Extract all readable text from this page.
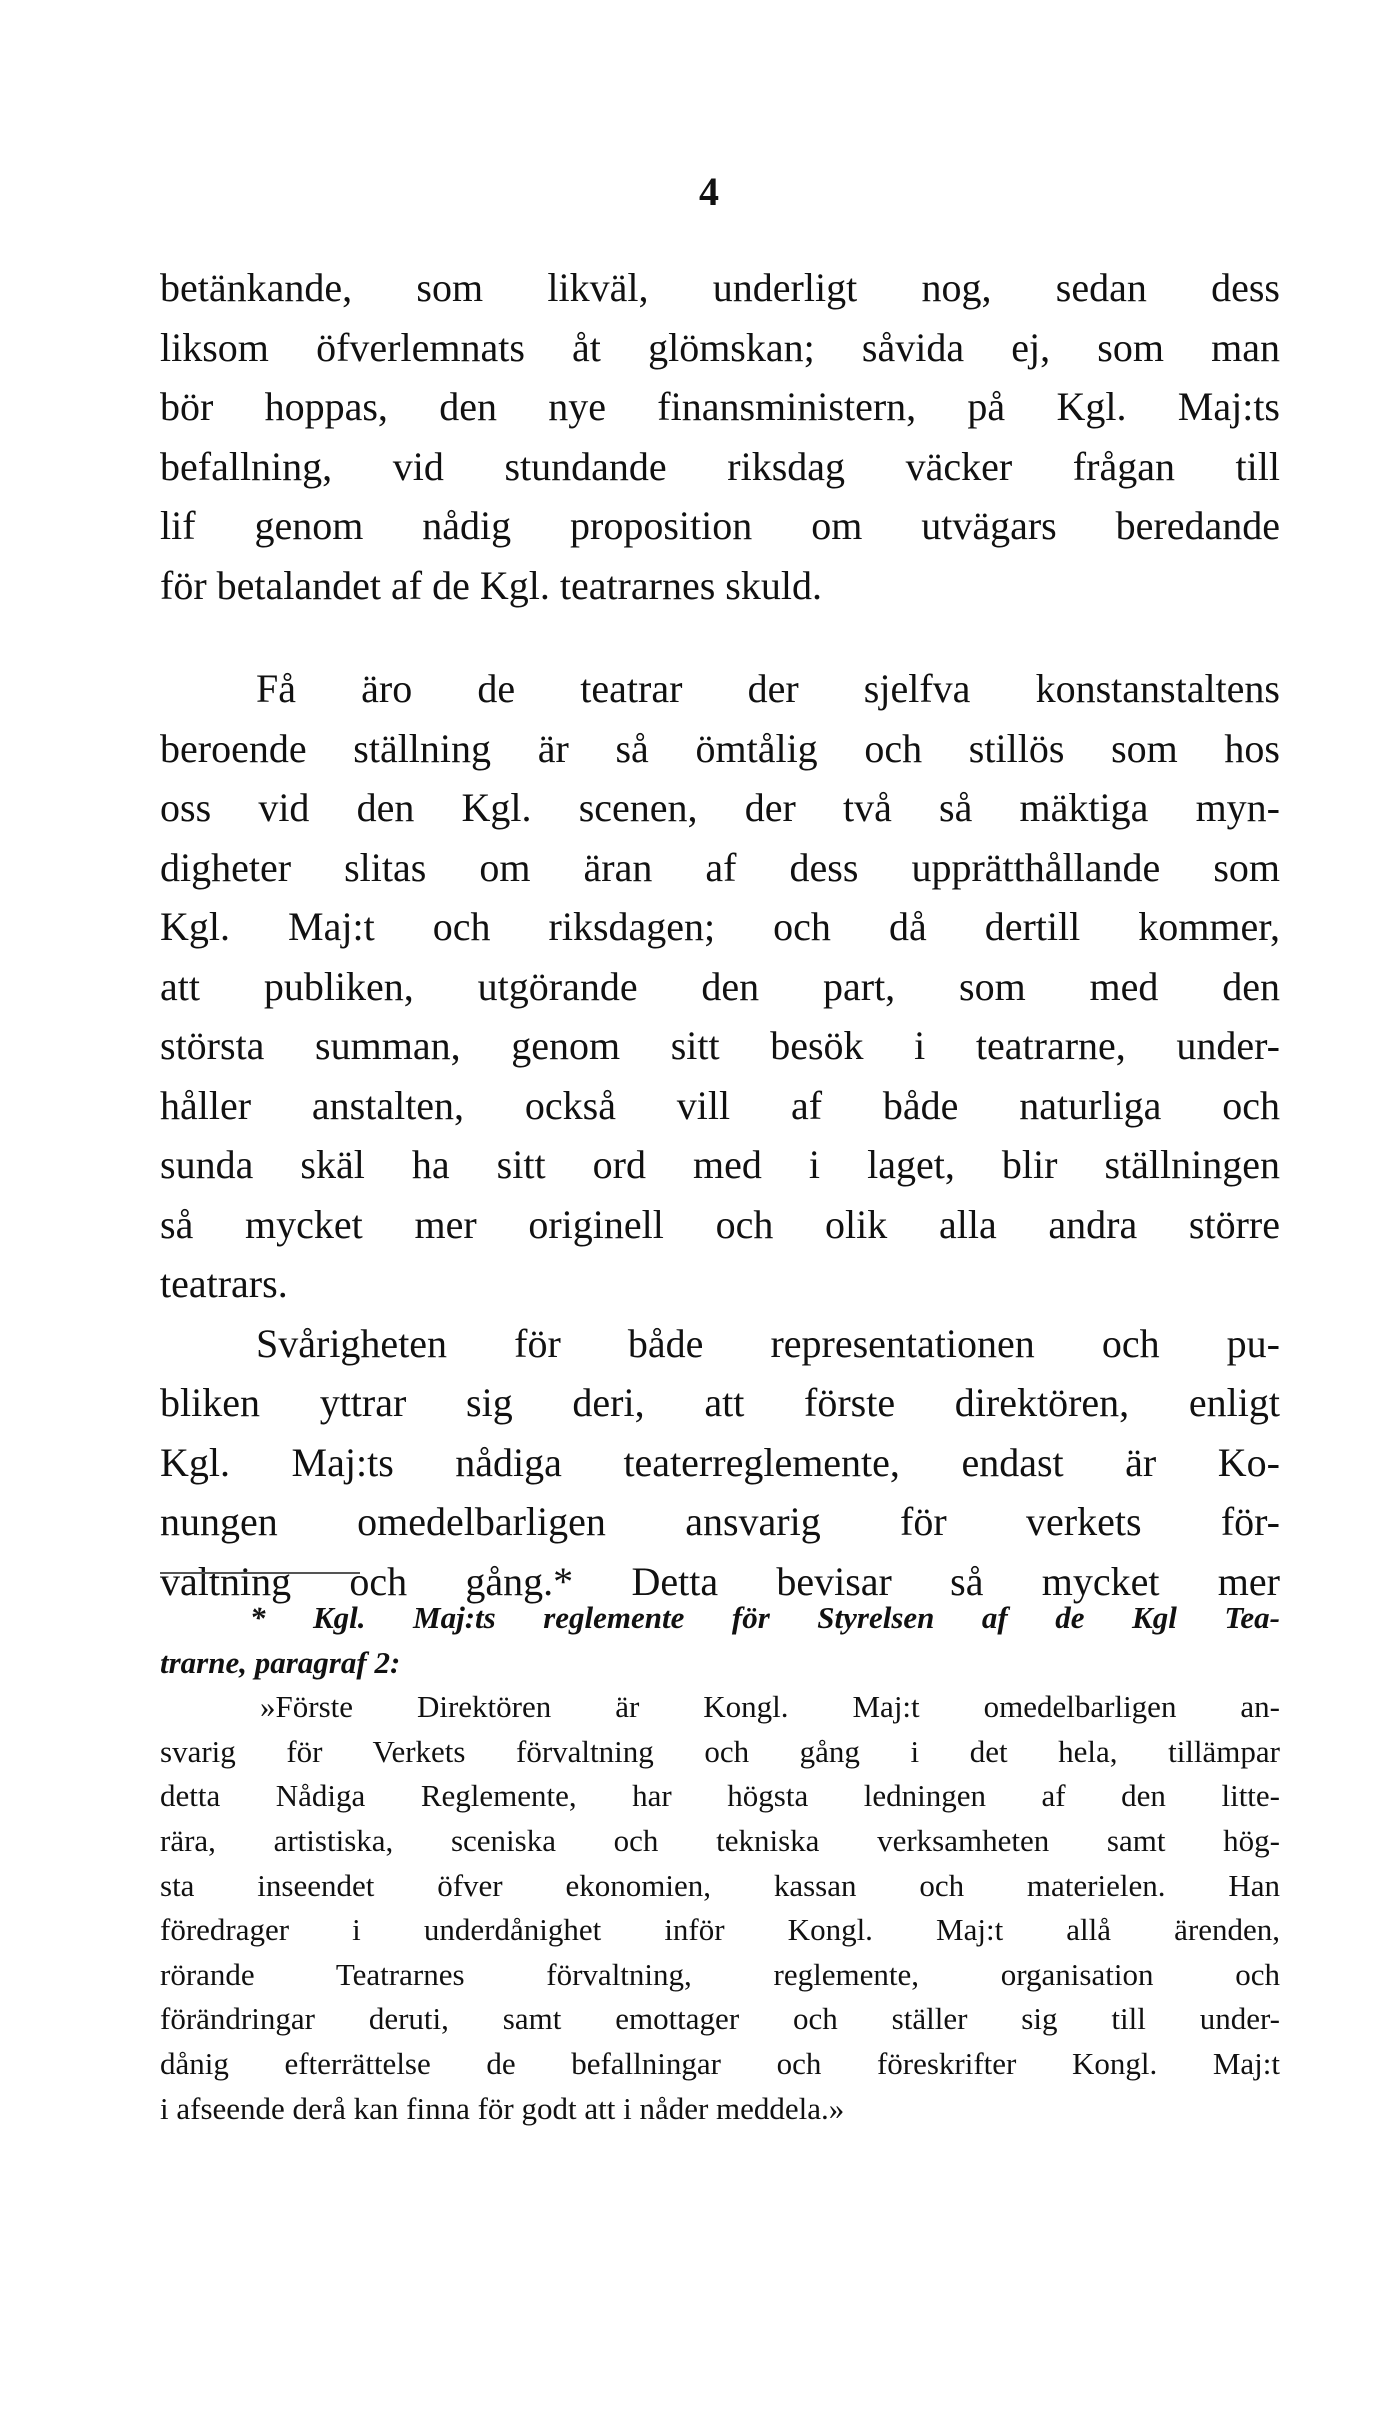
4
betänkande, som likväl, underligt nog, sedan dess
liksom öfverlemnats åt glömskan; såvida ej, som man
bör hoppas, den nye finansministern, på Kgl. Maj:ts
befallning, vid stundande riksdag väcker frågan till
lif genom nådig proposition om utvägars beredande
för betalandet af de Kgl. teatrarnes skuld.
Få äro de teatrar der sjelfva konstanstaltens
beroende ställning är så ömtålig och stillös som hos
oss vid den Kgl. scenen, der två så mäktiga myn-
digheter slitas om äran af dess upprätthållande som
Kgl. Maj:t och riksdagen; och då dertill kommer,
att publiken, utgörande den part, som med den
största summan, genom sitt besök i teatrarne, under-
håller anstalten, också vill af både naturliga och
sunda skäl ha sitt ord med i laget, blir ställningen
så mycket mer originell och olik alla andra större
teatrars.
Svårigheten för både representationen och pu-
bliken yttrar sig deri, att förste direktören, enligt
Kgl. Maj:ts nådiga teaterreglemente, endast är Ko-
nungen omedelbarligen ansvarig för verkets för-
valtning och gång.* Detta bevisar så mycket mer
* Kgl. Maj:ts reglemente för Styrelsen af de Kgl Tea-
trarne, paragraf 2:
»Förste Direktören är Kongl. Maj:t omedelbarligen an-
svarig för Verkets förvaltning och gång i det hela, tillämpar
detta Nådiga Reglemente, har högsta ledningen af den litte-
rära, artistiska, sceniska och tekniska verksamheten samt hög-
sta inseendet öfver ekonomien, kassan och materielen. Han
föredrager i underdånighet inför Kongl. Maj:t allå ärenden,
rörande Teatrarnes förvaltning, reglemente, organisation och
förändringar deruti, samt emottager och ställer sig till under-
dånig efterrättelse de befallningar och föreskrifter Kongl. Maj:t
i afseende derå kan finna för godt att i nåder meddela.»
